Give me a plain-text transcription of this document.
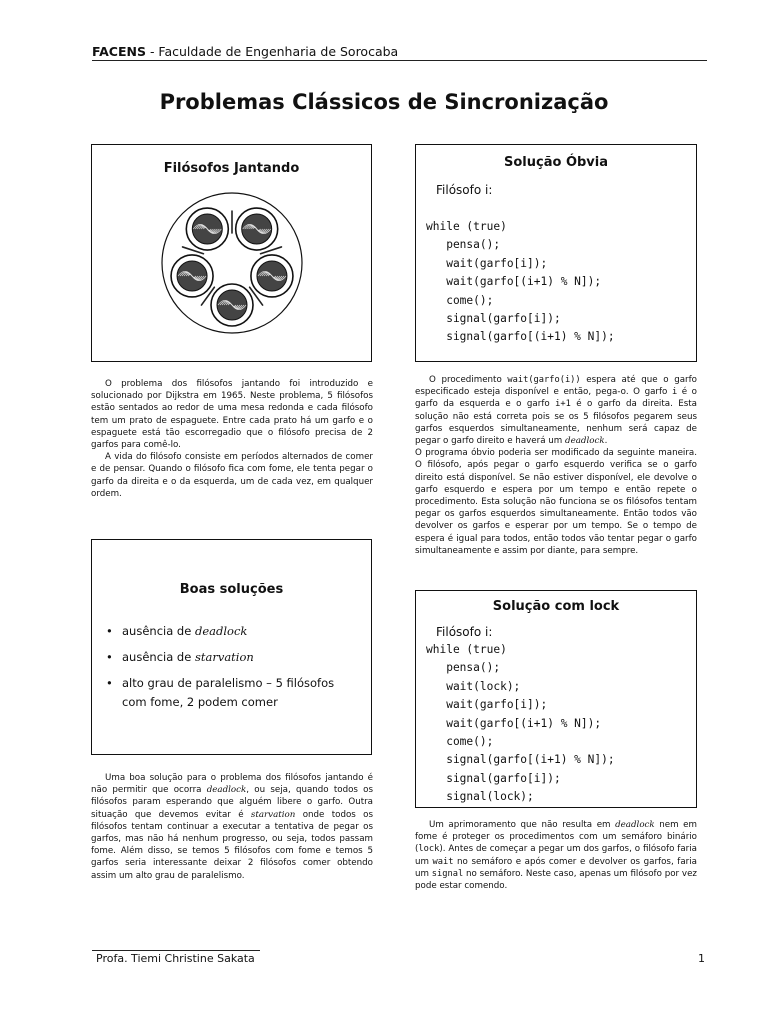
FACENS - Faculdade de Engenharia de Sorocaba
Problemas Clássicos de Sincronização
Filósofos Jantando

O problema dos filósofos jantando foi introduzido e solucionado por Dijkstra em 1965. Neste problema, 5 filósofos estão sentados ao redor de uma mesa redonda e cada filósofo tem um prato de espaguete. Entre cada prato há um garfo e o espaguete está tão escorregadio que o filósofo precisa de 2 garfos para comê-lo.

A vida do filósofo consiste em períodos alternados de comer e de pensar. Quando o filósofo fica com fome, ele tenta pegar o garfo da direita e o da esquerda, um de cada vez, em qualquer ordem.

Boas soluções
• ausência de deadlock
• ausência de starvation
• alto grau de paralelismo – 5 filósofos com fome, 2 podem comer

Uma boa solução para o problema dos filósofos jantando é não permitir que ocorra deadlock, ou seja, quando todos os filósofos param esperando que alguém libere o garfo. Outra situação que devemos evitar é starvation onde todos os filósofos tentam continuar a executar a tentativa de pegar os garfos, mas não há nenhum progresso, ou seja, todos passam fome. Além disso, se temos 5 filósofos com fome e temos 5 garfos seria interessante deixar 2 filósofos comer obtendo assim um alto grau de paralelismo.

Solução Óbvia
Filósofo i:
while (true)
pensa();
wait(garfo[i]);
wait(garfo[(i+1) % N]);
come();
signal(garfo[i]);
signal(garfo[(i+1) % N]);

O procedimento wait(garfo(i)) espera até que o garfo especificado esteja disponível e então, pega-o. O garfo i é o garfo da esquerda e o garfo i+1 é o garfo da direita. Esta solução não está correta pois se os 5 filósofos pegarem seus garfos esquerdos simultaneamente, nenhum será capaz de pegar o garfo direito e haverá um deadlock.

O programa óbvio poderia ser modificado da seguinte maneira. O filósofo, após pegar o garfo esquerdo verifica se o garfo direito está disponível. Se não estiver disponível, ele devolve o garfo esquerdo e espera por um tempo e então repete o procedimento. Esta solução não funciona se os filósofos tentam pegar os garfos esquerdos simultaneamente. Então todos vão devolver os garfos e esperar por um tempo. Se o tempo de espera é igual para todos, então todos vão tentar pegar o garfo simultaneamente e assim por diante, para sempre.

Solução com lock
Filósofo i:
while (true)
pensa();
wait(lock);
wait(garfo[i]);
wait(garfo[(i+1) % N]);
come();
signal(garfo[(i+1) % N]);
signal(garfo[i]);
signal(lock);

Um aprimoramento que não resulta em deadlock nem em fome é proteger os procedimentos com um semáforo binário (lock). Antes de começar a pegar um dos garfos, o filósofo faria um wait no semáforo e após comer e devolver os garfos, faria um signal no semáforo. Neste caso, apenas um filósofo por vez pode estar comendo.

Profa. Tiemi Christine Sakata	1
